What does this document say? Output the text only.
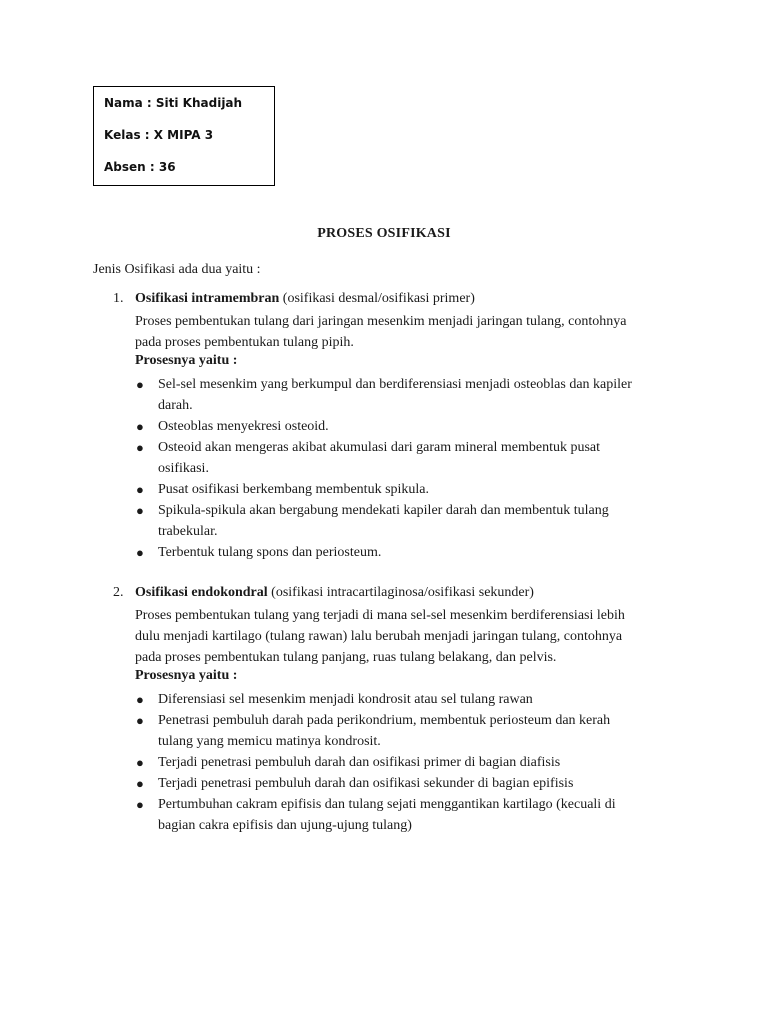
Nama : Siti Khadijah
Kelas : X MIPA 3
Absen : 36
PROSES OSIFIKASI
Jenis Osifikasi ada dua yaitu :
1. Osifikasi intramembran (osifikasi desmal/osifikasi primer)
Proses pembentukan tulang dari jaringan mesenkim menjadi jaringan tulang, contohnya
pada proses pembentukan tulang pipih.
Prosesnya yaitu :
● Sel-sel mesenkim yang berkumpul dan berdiferensiasi menjadi osteoblas dan kapiler
darah.
● Osteoblas menyekresi osteoid.
● Osteoid akan mengeras akibat akumulasi dari garam mineral membentuk pusat
osifikasi.
● Pusat osifikasi berkembang membentuk spikula.
● Spikula-spikula akan bergabung mendekati kapiler darah dan membentuk tulang
trabekular.
● Terbentuk tulang spons dan periosteum.
2. Osifikasi endokondral (osifikasi intracartilaginosa/osifikasi sekunder)
Proses pembentukan tulang yang terjadi di mana sel-sel mesenkim berdiferensiasi lebih
dulu menjadi kartilago (tulang rawan) lalu berubah menjadi jaringan tulang, contohnya
pada proses pembentukan tulang panjang, ruas tulang belakang, dan pelvis.
Prosesnya yaitu :
● Diferensiasi sel mesenkim menjadi kondrosit atau sel tulang rawan
● Penetrasi pembuluh darah pada perikondrium, membentuk periosteum dan kerah
tulang yang memicu matinya kondrosit.
● Terjadi penetrasi pembuluh darah dan osifikasi primer di bagian diafisis
● Terjadi penetrasi pembuluh darah dan osifikasi sekunder di bagian epifisis
● Pertumbuhan cakram epifisis dan tulang sejati menggantikan kartilago (kecuali di
bagian cakra epifisis dan ujung-ujung tulang)
